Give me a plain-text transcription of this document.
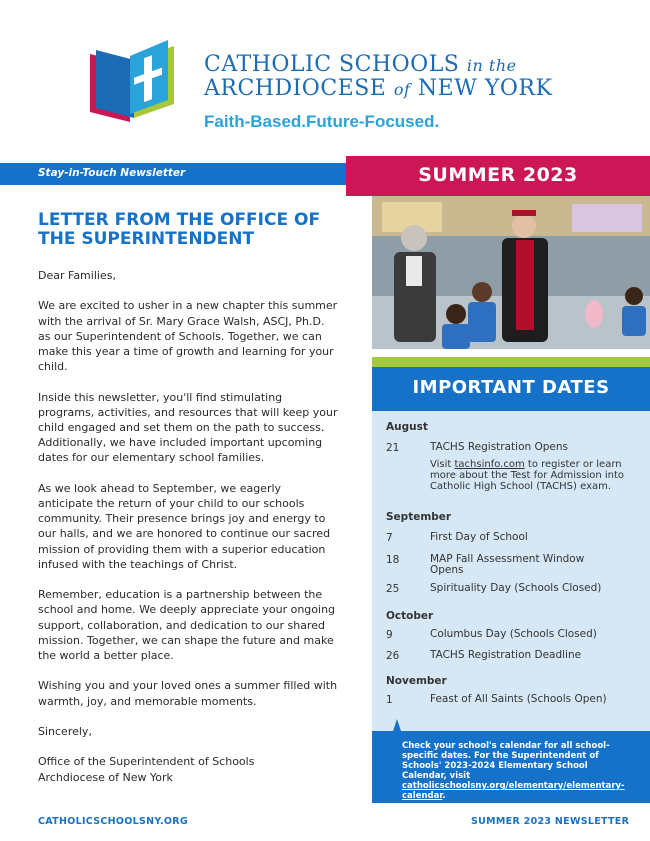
CATHOLIC SCHOOLS in the
ARCHDIOCESE of NEW YORK
Faith-Based.Future-Focused.
Stay-in-Touch Newsletter	SUMMER 2023
LETTER FROM THE OFFICE OF THE SUPERINTENDENT

Dear Families,

We are excited to usher in a new chapter this summer with the arrival of Sr. Mary Grace Walsh, ASCJ, Ph.D. as our Superintendent of Schools. Together, we can make this year a time of growth and learning for your child.

Inside this newsletter, you'll find stimulating programs, activities, and resources that will keep your child engaged and set them on the path to success. Additionally, we have included important upcoming dates for our elementary school families.

As we look ahead to September, we eagerly anticipate the return of your child to our schools community. Their presence brings joy and energy to our halls, and we are honored to continue our sacred mission of providing them with a superior education infused with the teachings of Christ.

Remember, education is a partnership between the school and home. We deeply appreciate your ongoing support, collaboration, and dedication to our shared mission. Together, we can shape the future and make the world a better place.

Wishing you and your loved ones a summer filled with warmth, joy, and memorable moments.

Sincerely,

Office of the Superintendent of Schools

Archdiocese of New York

IMPORTANT DATES
August
21	TACHS Registration Opens
Visit tachsinfo.com to register or learn more about the Test for Admission into Catholic High School (TACHS) exam.
September
7	First Day of School
18	MAP Fall Assessment Window Opens
25	Spirituality Day (Schools Closed)
October
9	Columbus Day (Schools Closed)
26	TACHS Registration Deadline
November
1	Feast of All Saints (Schools Open)
Check your school's calendar for all school-specific dates. For the Superintendent of Schools' 2023-2024 Elementary School Calendar, visit catholicschoolsny.org/elementary/elementary-calendar.
CATHOLICSCHOOLSNY.ORG	SUMMER 2023 NEWSLETTER
